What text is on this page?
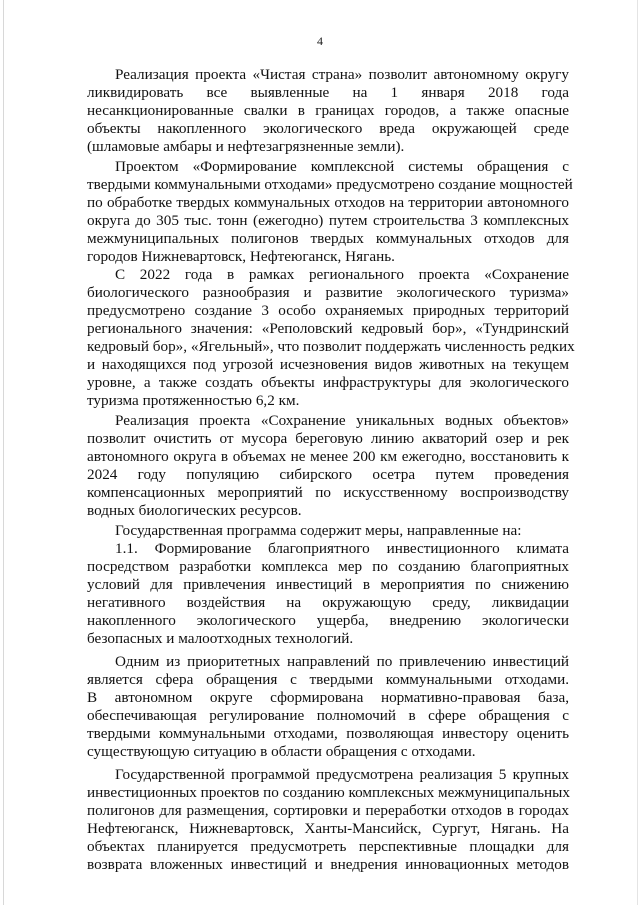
4
Реализация проекта «Чистая страна» позволит автономному округу
ликвидировать все выявленные на 1 января 2018 года
несанкционированные свалки в границах городов, а также опасные
объекты накопленного экологического вреда окружающей среде
(шламовые амбары и нефтезагрязненные земли).
Проектом «Формирование комплексной системы обращения с
твердыми коммунальными отходами» предусмотрено создание мощностей
по обработке твердых коммунальных отходов на территории автономного
округа до 305 тыс. тонн (ежегодно) путем строительства 3 комплексных
межмуниципальных полигонов твердых коммунальных отходов для
городов Нижневартовск, Нефтеюганск, Нягань.
С 2022 года в рамках регионального проекта «Сохранение
биологического разнообразия и развитие экологического туризма»
предусмотрено создание 3 особо охраняемых природных территорий
регионального значения: «Реполовский кедровый бор», «Тундринский
кедровый бор», «Ягельный», что позволит поддержать численность редких
и находящихся под угрозой исчезновения видов животных на текущем
уровне, а также создать объекты инфраструктуры для экологического
туризма протяженностью 6,2 км.
Реализация проекта «Сохранение уникальных водных объектов»
позволит очистить от мусора береговую линию акваторий озер и рек
автономного округа в объемах не менее 200 км ежегодно, восстановить к
2024 году популяцию сибирского осетра путем проведения
компенсационных мероприятий по искусственному воспроизводству
водных биологических ресурсов.
Государственная программа содержит меры, направленные на:
1.1. Формирование благоприятного инвестиционного климата
посредством разработки комплекса мер по созданию благоприятных
условий для привлечения инвестиций в мероприятия по снижению
негативного воздействия на окружающую среду, ликвидации
накопленного экологического ущерба, внедрению экологически
безопасных и малоотходных технологий.
Одним из приоритетных направлений по привлечению инвестиций
является сфера обращения с твердыми коммунальными отходами.
В автономном округе сформирована нормативно-правовая база,
обеспечивающая регулирование полномочий в сфере обращения с
твердыми коммунальными отходами, позволяющая инвестору оценить
существующую ситуацию в области обращения с отходами.
Государственной программой предусмотрена реализация 5 крупных
инвестиционных проектов по созданию комплексных межмуниципальных
полигонов для размещения, сортировки и переработки отходов в городах
Нефтеюганск, Нижневартовск, Ханты-Мансийск, Сургут, Нягань. На
объектах планируется предусмотреть перспективные площадки для
возврата вложенных инвестиций и внедрения инновационных методов
